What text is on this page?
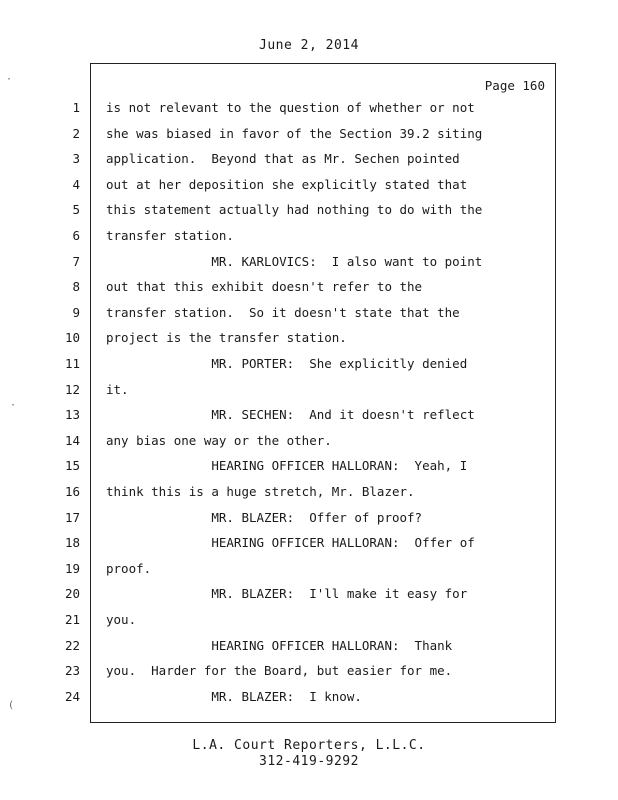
June 2, 2014
Page 160
1 is not relevant to the question of whether or not
2 she was biased in favor of the Section 39.2 siting
3 application.  Beyond that as Mr. Sechen pointed
4 out at her deposition she explicitly stated that
5 this statement actually had nothing to do with the
6 transfer station.
7 MR. KARLOVICS:  I also want to point
8 out that this exhibit doesn't refer to the
9 transfer station.  So it doesn't state that the
10 project is the transfer station.
11 MR. PORTER:  She explicitly denied
12 it.
13 MR. SECHEN:  And it doesn't reflect
14 any bias one way or the other.
15 HEARING OFFICER HALLORAN:  Yeah, I
16 think this is a huge stretch, Mr. Blazer.
17 MR. BLAZER:  Offer of proof?
18 HEARING OFFICER HALLORAN:  Offer of
19 proof.
20 MR. BLAZER:  I'll make it easy for
21 you.
22 HEARING OFFICER HALLORAN:  Thank
23 you.  Harder for the Board, but easier for me.
24 MR. BLAZER:  I know.
L.A. Court Reporters, L.L.C.
312-419-9292
·
·
(
